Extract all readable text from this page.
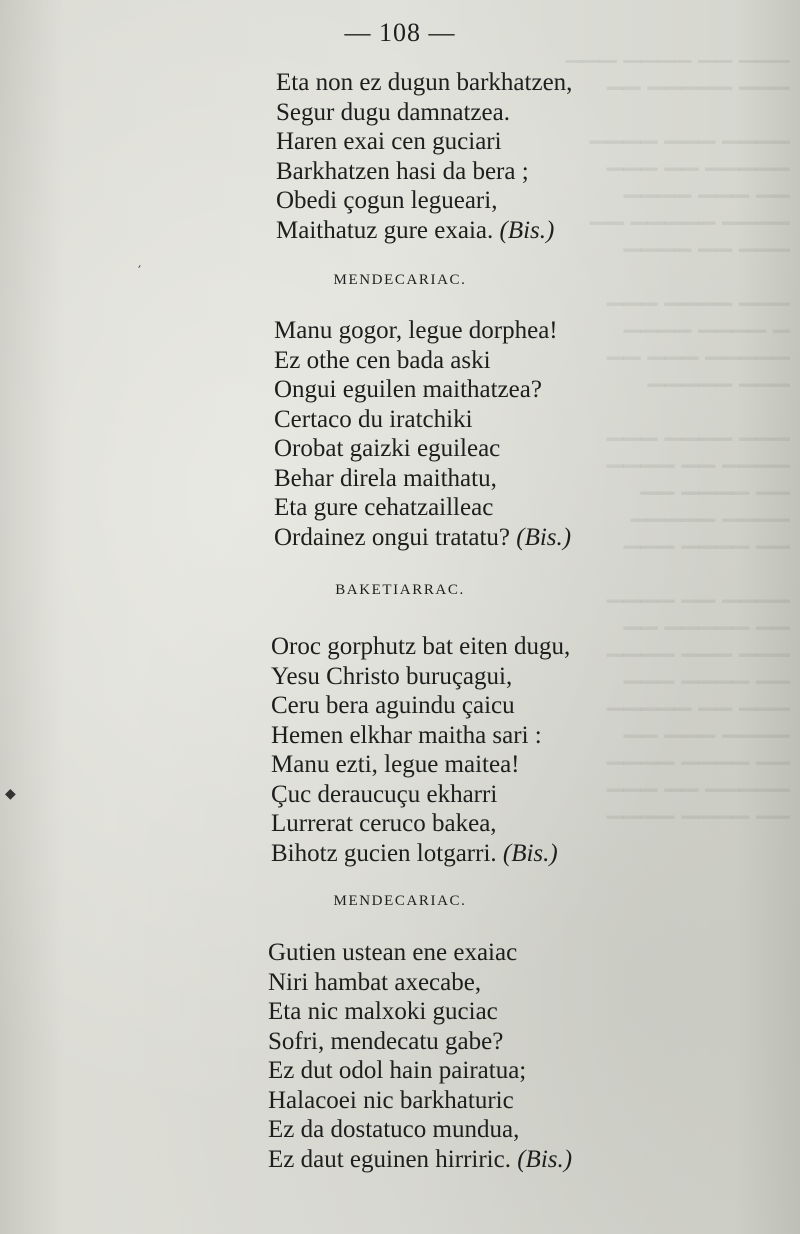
▔▔▔ ▔▔▔▔ ▔▔ ▔▔▔
▔▔ ▔▔▔▔▔ ▔▔▔

▔▔▔▔ ▔▔▔ ▔▔▔▔
▔▔▔ ▔▔ ▔▔▔▔▔
▔▔▔▔ ▔▔▔ ▔▔
▔▔ ▔▔▔▔▔ ▔▔▔▔
▔▔▔▔ ▔▔ ▔▔▔

▔▔▔ ▔▔▔▔ ▔▔▔
▔▔▔▔ ▔▔▔▔ ▔
▔▔ ▔▔▔ ▔▔▔▔▔
▔▔▔▔▔ ▔▔▔

▔▔▔ ▔▔▔▔ ▔▔▔
▔▔▔▔ ▔▔ ▔▔▔▔
▔▔ ▔▔▔▔ ▔▔
▔▔▔▔▔ ▔▔▔▔
▔▔▔ ▔▔▔▔ ▔▔

▔▔▔▔ ▔▔ ▔▔▔▔
▔▔ ▔▔▔▔▔ ▔▔
▔▔▔▔ ▔▔▔ ▔▔▔
▔▔▔ ▔▔▔▔ ▔▔
▔▔▔▔▔ ▔▔ ▔▔▔
▔▔ ▔▔▔ ▔▔▔▔
▔▔▔▔ ▔▔▔▔ ▔▔
▔▔▔ ▔▔ ▔▔▔▔▔
▔▔▔▔ ▔▔▔▔ ▔▔
— 108 —
Eta non ez dugun barkhatzen,
Segur dugu damnatzea.
Haren exai cen guciari
Barkhatzen hasi da bera ;
Obedi çogun legueari,
Maithatuz gure exaia. (Bis.)
MENDECARIAC.
′
Manu gogor, legue dorphea!
Ez othe cen bada aski
Ongui eguilen maithatzea?
Certaco du iratchiki
Orobat gaizki eguileac
Behar direla maithatu,
Eta gure cehatzailleac
Ordainez ongui tratatu? (Bis.)
BAKETIARRAC.
Oroc gorphutz bat eiten dugu,
Yesu Christo buruçagui,
Ceru bera aguindu çaicu
Hemen elkhar maitha sari :
Manu ezti, legue maitea!
Çuc deraucuçu ekharri
Lurrerat ceruco bakea,
Bihotz gucien lotgarri. (Bis.)
◆
MENDECARIAC.
Gutien ustean ene exaiac
Niri hambat axecabe,
Eta nic malxoki guciac
Sofri, mendecatu gabe?
Ez dut odol hain pairatua;
Halacoei nic barkhaturic
Ez da dostatuco mundua,
Ez daut eguinen hirriric. (Bis.)
